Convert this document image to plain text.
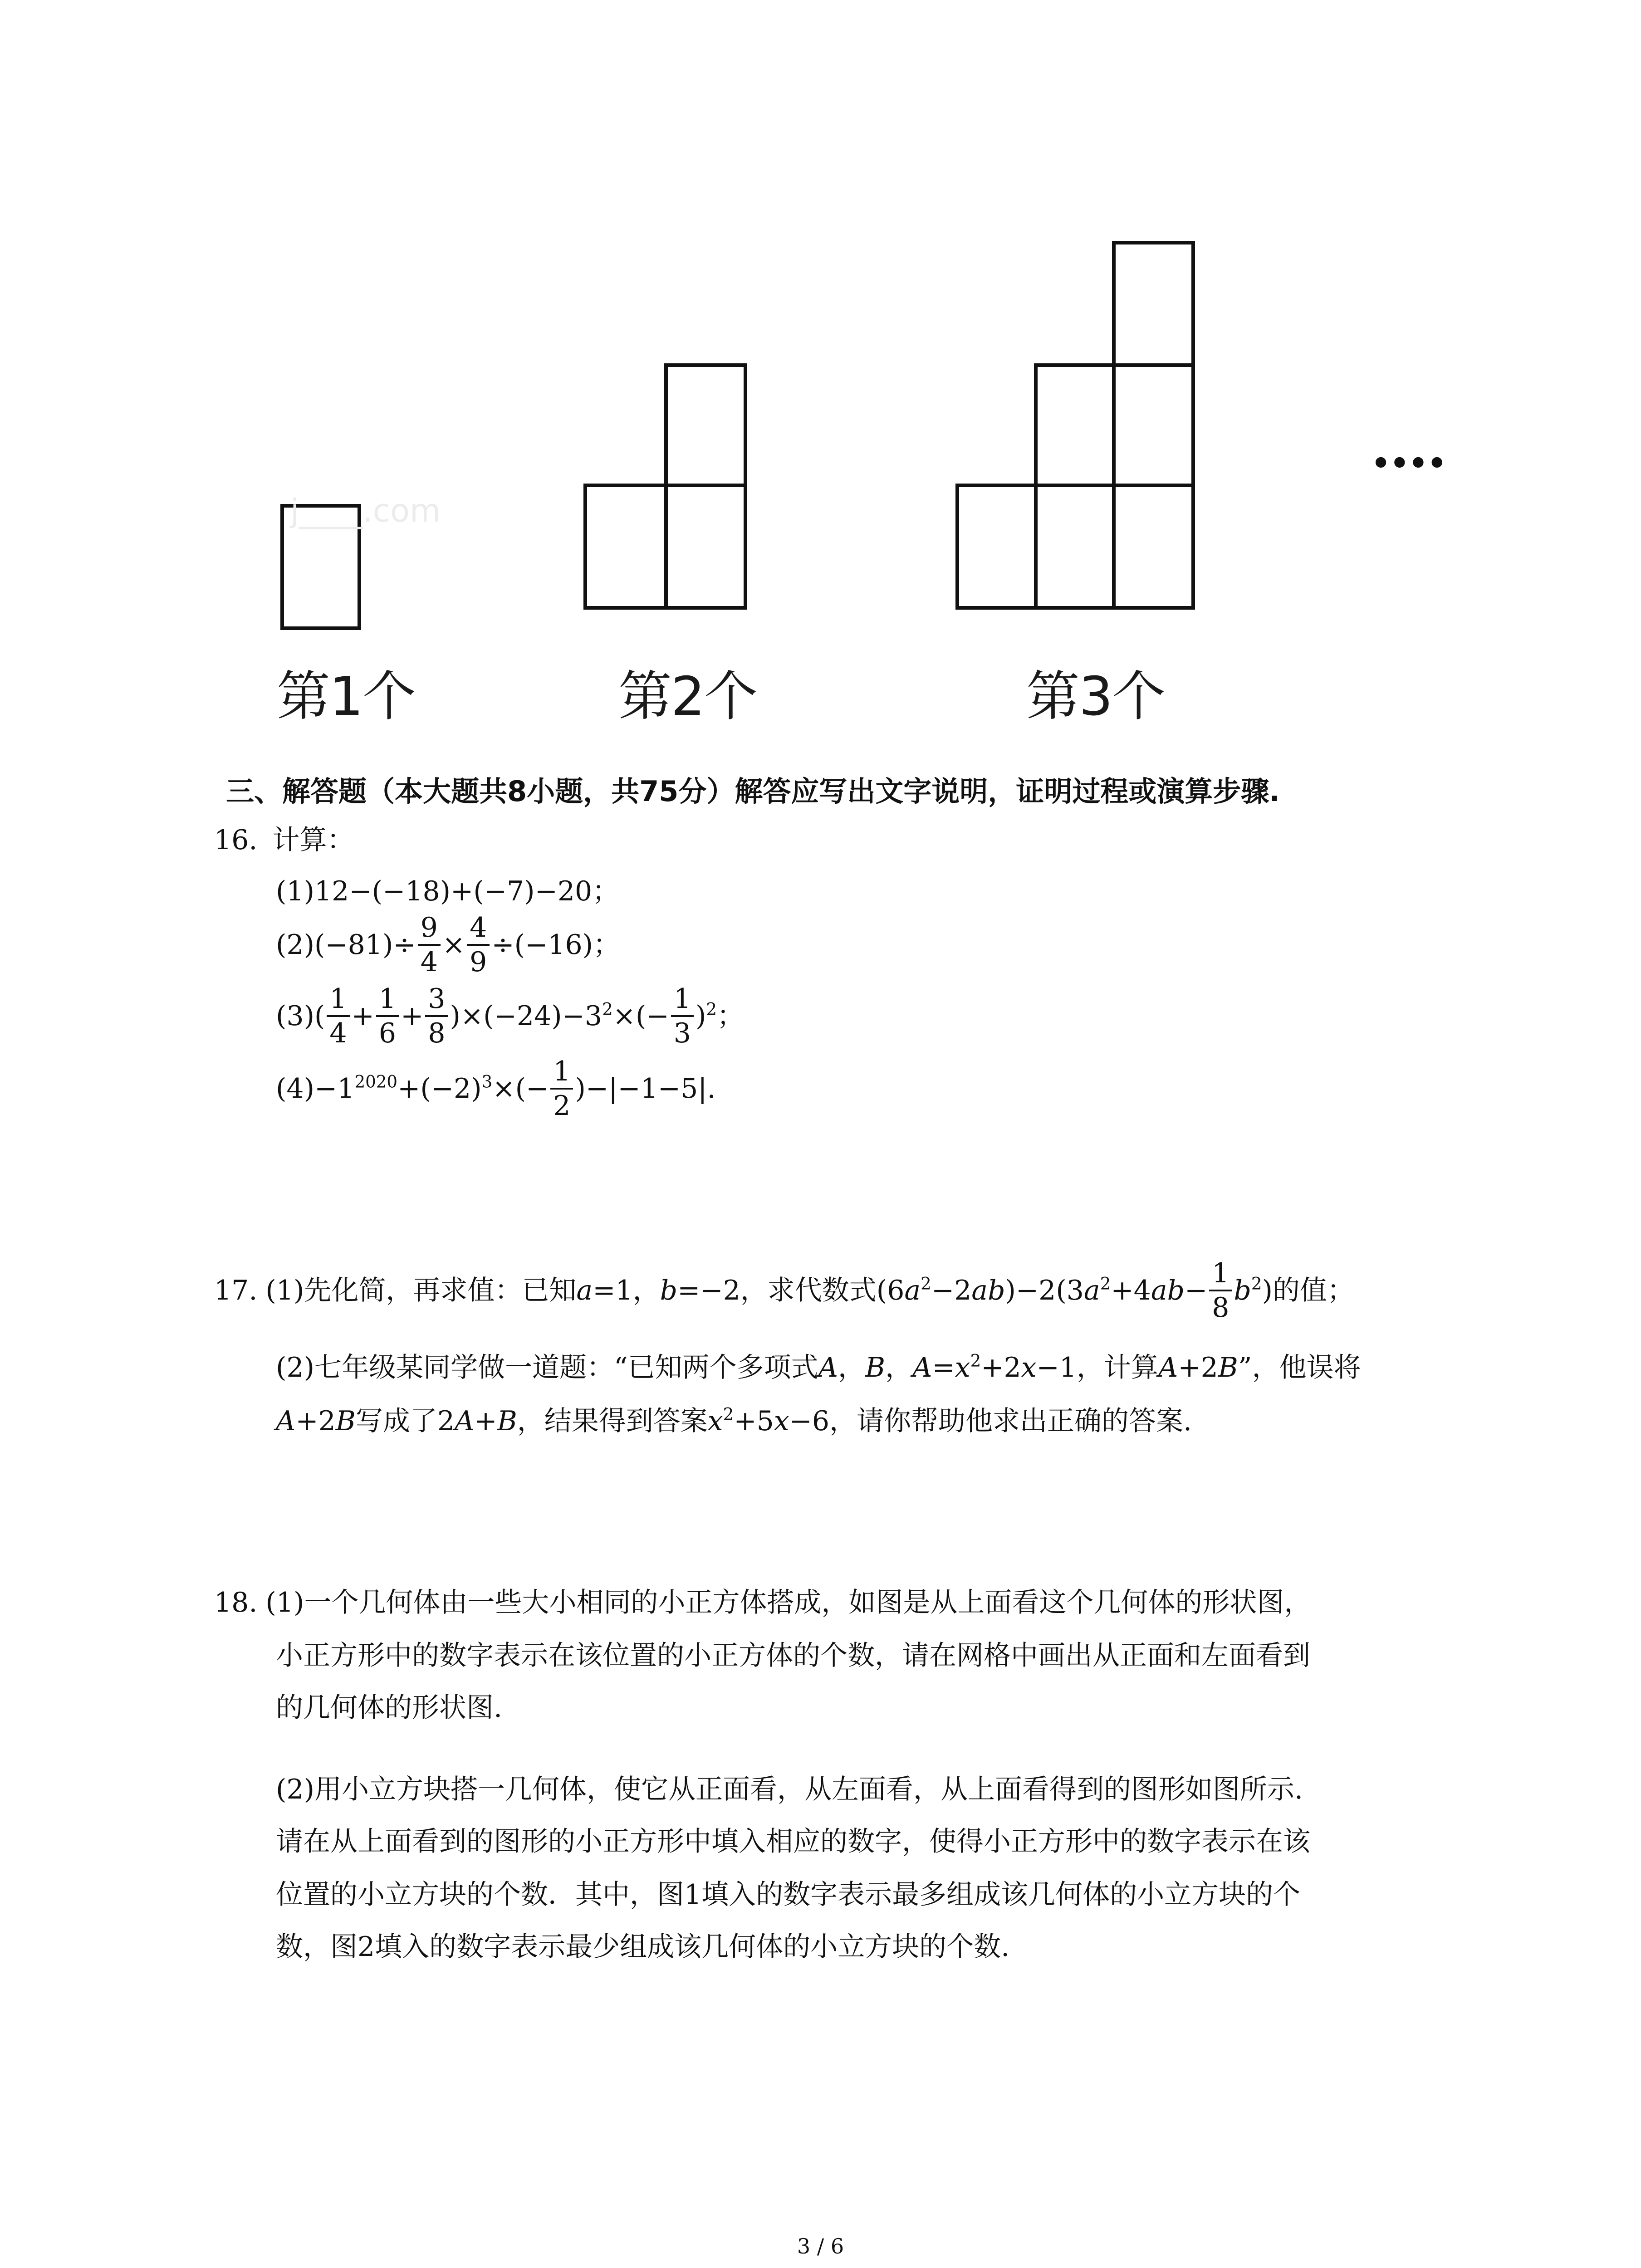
j____.com
第1个	第2个	第3个
••••
三、解答题（本大题共8小题，共75分）解答应写出文字说明，证明过程或演算步骤.
16. 计算：
(1)12−(−18)+(−7)−20；
$(2)(-81)\div \frac{9}{4} \times \frac{4}{9} \div(-16)$；
$(3)( \frac{1}{4} + \frac{1}{6} + \frac{3}{8} )\times(-24)-3^2\times(- \frac{1}{3} )^2$；
$(4)-1^{2020}+(-2)^3\times(- \frac{1}{2} )-|-1-5|$.
17. (1)先化简，再求值：已知a=1，b=−2，求代数式$(6a^2-2ab)-2(3a^2+4ab- \frac{1}{8} b^2)$的值；
(2)七年级某同学做一道题：“已知两个多项式A，B，$A=x^2+2x-1$，计算A+2B”，他误将
A+2B写成了2A+B，结果得到答案$x^2+5x-6$，请你帮助他求出正确的答案.
18. (1)一个几何体由一些大小相同的小正方体搭成，如图是从上面看这个几何体的形状图，
小正方形中的数字表示在该位置的小正方体的个数，请在网格中画出从正面和左面看到
的几何体的形状图.
(2)用小立方块搭一几何体，使它从正面看，从左面看，从上面看得到的图形如图所示.
请在从上面看到的图形的小正方形中填入相应的数字，使得小正方形中的数字表示在该
位置的小立方块的个数．其中，图1填入的数字表示最多组成该几何体的小立方块的个
数，图2填入的数字表示最少组成该几何体的小立方块的个数.
3 / 6
